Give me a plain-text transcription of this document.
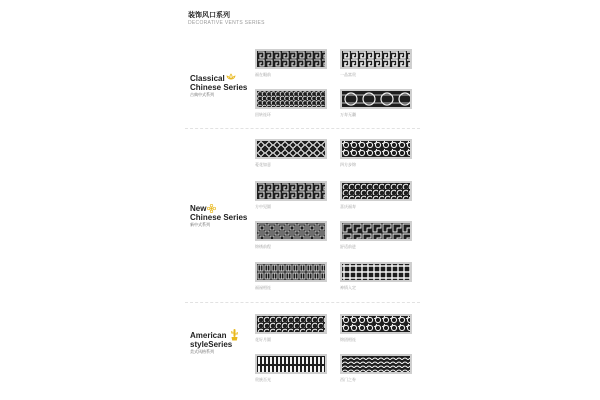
装饰风口系列
DECORATIVE VENTS SERIES
Classical
Chinese Series
古典中式系列
New
Chinese Series
新中式系列
American
styleSeries
美式风格系列
福在眼前	一品富贵
回转连环	万寿无疆
菱花如意	四方步锦
方中见圆	喜庆福寿
锦绣前程	舒适前进
福禄相连	神情入定
花好月圆	锦团相连
贵族吾光	西门之券
